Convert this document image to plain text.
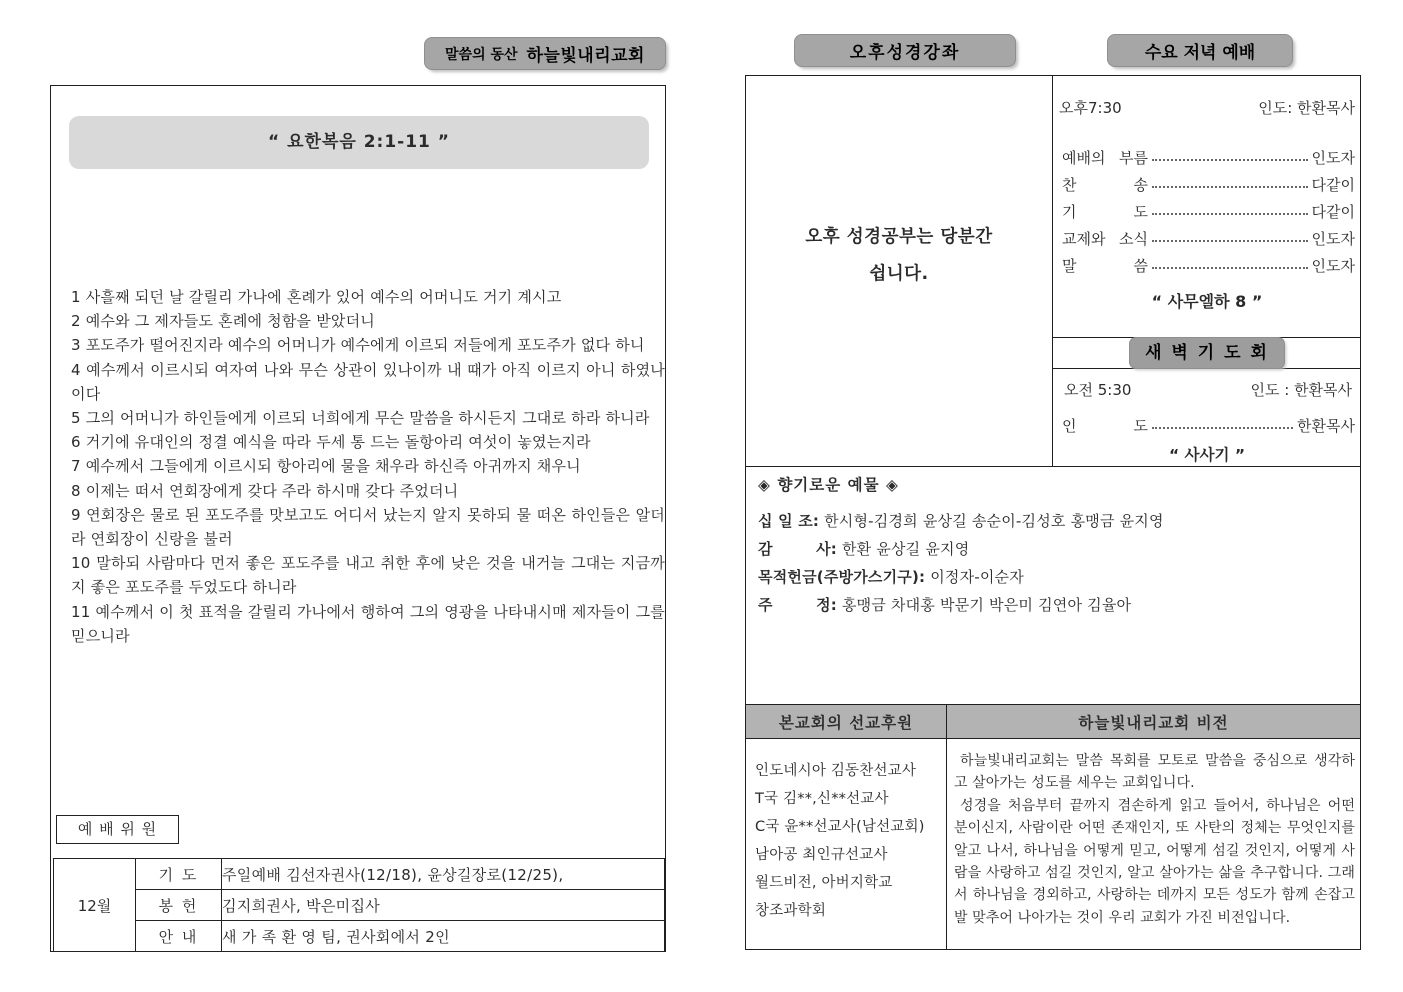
말씀의 동산 하늘빛내리교회
“ 요한복음 2:1-11 ”

1 사흘째 되던 날 갈릴리 가나에 혼례가 있어 예수의 어머니도 거기 계시고

2 예수와 그 제자들도 혼례에 청함을 받았더니

3 포도주가 떨어진지라 예수의 어머니가 예수에게 이르되 저들에게 포도주가 없다 하니

4 예수께서 이르시되 여자여 나와 무슨 상관이 있나이까 내 때가 아직 이르지 아니 하였나이다

5 그의 어머니가 하인들에게 이르되 너희에게 무슨 말씀을 하시든지 그대로 하라 하니라

6 거기에 유대인의 정결 예식을 따라 두세 통 드는 돌항아리 여섯이 놓였는지라

7 예수께서 그들에게 이르시되 항아리에 물을 채우라 하신즉 아귀까지 채우니

8 이제는 떠서 연회장에게 갖다 주라 하시매 갖다 주었더니

9 연회장은 물로 된 포도주를 맛보고도 어디서 났는지 알지 못하되 물 떠온 하인들은 알더라 연회장이 신랑을 불러

10 말하되 사람마다 먼저 좋은 포도주를 내고 취한 후에 낮은 것을 내거늘 그대는 지금까지 좋은 포도주를 두었도다 하니라

11 예수께서 이 첫 표적을 갈릴리 가나에서 행하여 그의 영광을 나타내시매 제자들이 그를 믿으니라

예 배 위 원
12월	기 도	주일예배 김선자권사(12/18), 윤상길장로(12/25),
	봉 헌	김지희권사, 박은미집사
	안 내	새 가 족 환 영 팀, 권사회에서 2인
오후성경강좌	수요 저녁 예배
오후 성경공부는 당분간
쉽니다.
오후7:30	인도: 한환목사
예배의 부름	인도자
찬 송	다같이
기 도	다같이
교제와 소식	인도자
말 씀	인도자
“ 사무엘하 8 ”
새 벽 기 도 회
오전 5:30	인도 : 한환목사
인 도	한환목사
“ 사사기 ”
◈ 향기로운 예물 ◈
십 일 조: 한시형-김경희 윤상길 송순이-김성호 홍맹금 윤지영
감        사: 한환 윤상길 윤지영
목적헌금(주방가스기구): 이정자-이순자
주        정: 홍맹금 차대홍 박문기 박은미 김연아 김율아
본교회의 선교후원	하늘빛내리교회 비전
인도네시아 김동찬선교사
T국 김**,신**선교사
C국 윤**선교사(남선교회)
남아공 최인규선교사
월드비전, 아버지학교
창조과학회

하늘빛내리교회는 말씀 목회를 모토로 말씀을 중심으로 생각하고 살아가는 성도를 세우는 교회입니다.

성경을 처음부터 끝까지 겸손하게 읽고 들어서, 하나님은 어떤 분이신지, 사람이란 어떤 존재인지, 또 사탄의 정체는 무엇인지를 알고 나서, 하나님을 어떻게 믿고, 어떻게 섬길 것인지, 어떻게 사람을 사랑하고 섬길 것인지, 알고 살아가는 삶을 추구합니다. 그래서 하나님을 경외하고, 사랑하는 데까지 모든 성도가 함께 손잡고 발 맞추어 나아가는 것이 우리 교회가 가진 비전입니다.
